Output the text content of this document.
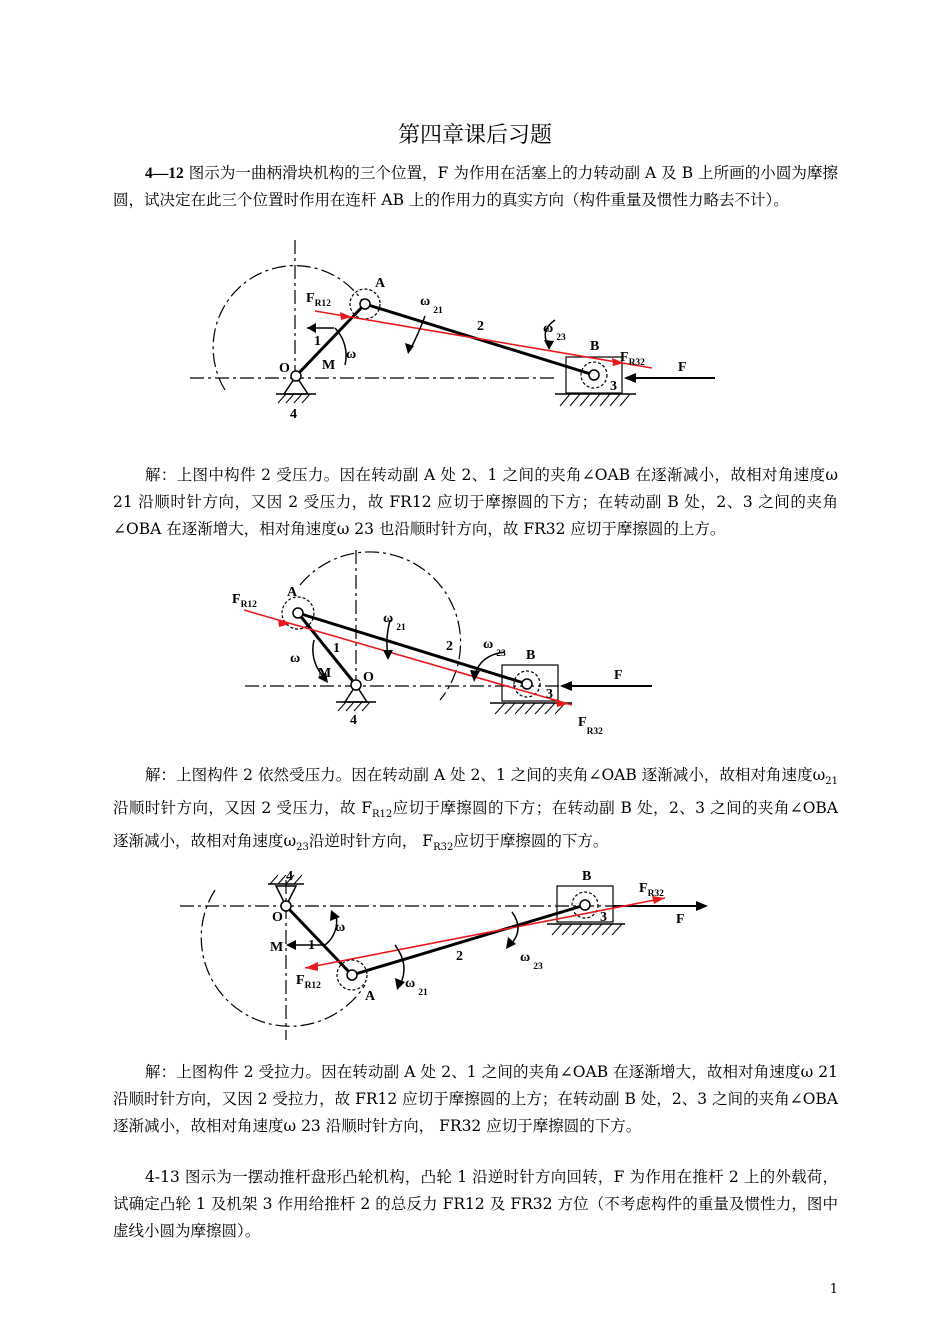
第四章课后习题

4—12 图示为一曲柄滑块机构的三个位置，F 为作用在活塞上的力转动副 A 及 B 上所画的小圆为摩擦圆，试决定在此三个位置时作用在连杆 AB 上的作用力的真实方向（构件重量及惯性力略去不计）。

A
$F_{R12}$	$\omega_{21}$
2	$\omega_{23}$
B
$F_{R32}$ F
1
ω
M
O
3
4

解：上图中构件 2 受压力。因在转动副 A 处 2、1 之间的夹角∠OAB 在逐渐减小，故相对角速度ω 21 沿顺时针方向，又因 2 受压力，故 FR12 应切于摩擦圆的下方；在转动副 B 处，2、3 之间的夹角∠OBA 在逐渐增大，相对角速度ω 23 也沿顺时针方向，故 FR32 应切于摩擦圆的上方。

A
$F_{R12}$
$\omega_{21}$
2 $\omega_{23}$ B
F
1
ω
M O
3
4	$F_{R32}$

解：上图构件 2 依然受压力。因在转动副 A 处 2、1 之间的夹角∠OAB 逐渐减小，故相对角速度$\omega_{21}$沿顺时针方向，又因 2 受压力，故 $F_{R12}$应切于摩擦圆的下方；在转动副 B 处，2、3 之间的夹角∠OBA 逐渐减小，故相对角速度$\omega_{23}$沿逆时针方向， $F_{R32}$应切于摩擦圆的下方。

4	B
$F_{R32}$
O	3	F
ω
M 1
2	$\omega_{23}$
$F_{R12}$	$\omega_{21}$
A

解：上图构件 2 受拉力。因在转动副 A 处 2、1 之间的夹角∠OAB 在逐渐增大，故相对角速度ω 21 沿顺时针方向，又因 2 受拉力，故 FR12 应切于摩擦圆的上方；在转动副 B 处，2、3 之间的夹角∠OBA 逐渐减小，故相对角速度ω 23 沿顺时针方向， FR32 应切于摩擦圆的下方。

4-13 图示为一摆动推杆盘形凸轮机构，凸轮 1 沿逆时针方向回转，F 为作用在推杆 2 上的外载荷，试确定凸轮 1 及机架 3 作用给推杆 2 的总反力 FR12 及 FR32 方位（不考虑构件的重量及惯性力，图中虚线小圆为摩擦圆）。

1
